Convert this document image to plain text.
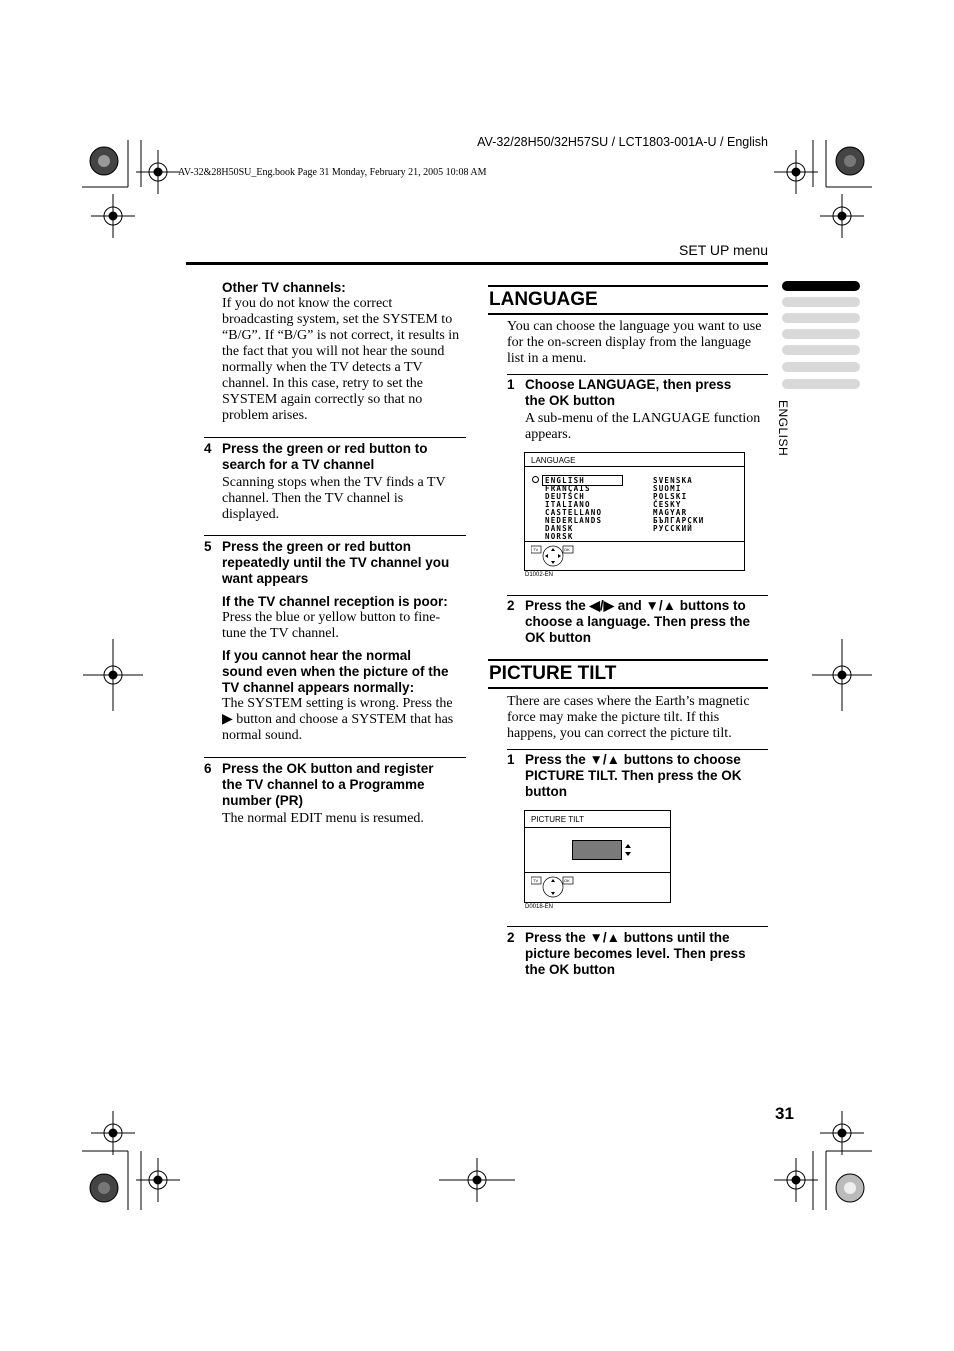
AV-32/28H50/32H57SU / LCT1803-001A-U / English
AV-32&28H50SU_Eng.book Page 31 Monday, February 21, 2005 10:08 AM
SET UP menu
ENGLISH
Other TV channels:
If you do not know the correct
broadcasting system, set the SYSTEM to
“B/G”. If “B/G” is not correct, it results in
the fact that you will not hear the sound
normally when the TV detects a TV
channel. In this case, retry to set the
SYSTEM again correctly so that no
problem arises.
4 Press the green or red button to
search for a TV channel
Scanning stops when the TV finds a TV
channel. Then the TV channel is
displayed.
5 Press the green or red button
repeatedly until the TV channel you
want appears
If the TV channel reception is poor:
Press the blue or yellow button to fine-
tune the TV channel.
If you cannot hear the normal
sound even when the picture of the
TV channel appears normally:
The SYSTEM setting is wrong. Press the
▶ button and choose a SYSTEM that has
normal sound.
6 Press the OK button and register
the TV channel to a Programme
number (PR)
The normal EDIT menu is resumed.
LANGUAGE
You can choose the language you want to use
for the on-screen display from the language
list in a menu.
1 Choose LANGUAGE, then press
the OK button
A sub-menu of the LANGUAGE function
appears.
LANGUAGE
ENGLISH
FRANÇAIS
DEUTSCH
ITALIANO
CASTELLANO
NEDERLANDS
DANSK
NORSK
SVENSKA
SUOMI
POLSKI
ČESKY
MAGYAR
БЪЛГАРСКИ
РУССКИЙ
TV	OK
D1002-EN
2 Press the ◀/▶ and ▼/▲ buttons to
choose a language. Then press the
OK button
PICTURE TILT
There are cases where the Earth’s magnetic
force may make the picture tilt. If this
happens, you can correct the picture tilt.
1 Press the ▼/▲ buttons to choose
PICTURE TILT. Then press the OK
button
PICTURE TILT
TV	OK
D0018-EN
2 Press the ▼/▲ buttons until the
picture becomes level. Then press
the OK button
31
